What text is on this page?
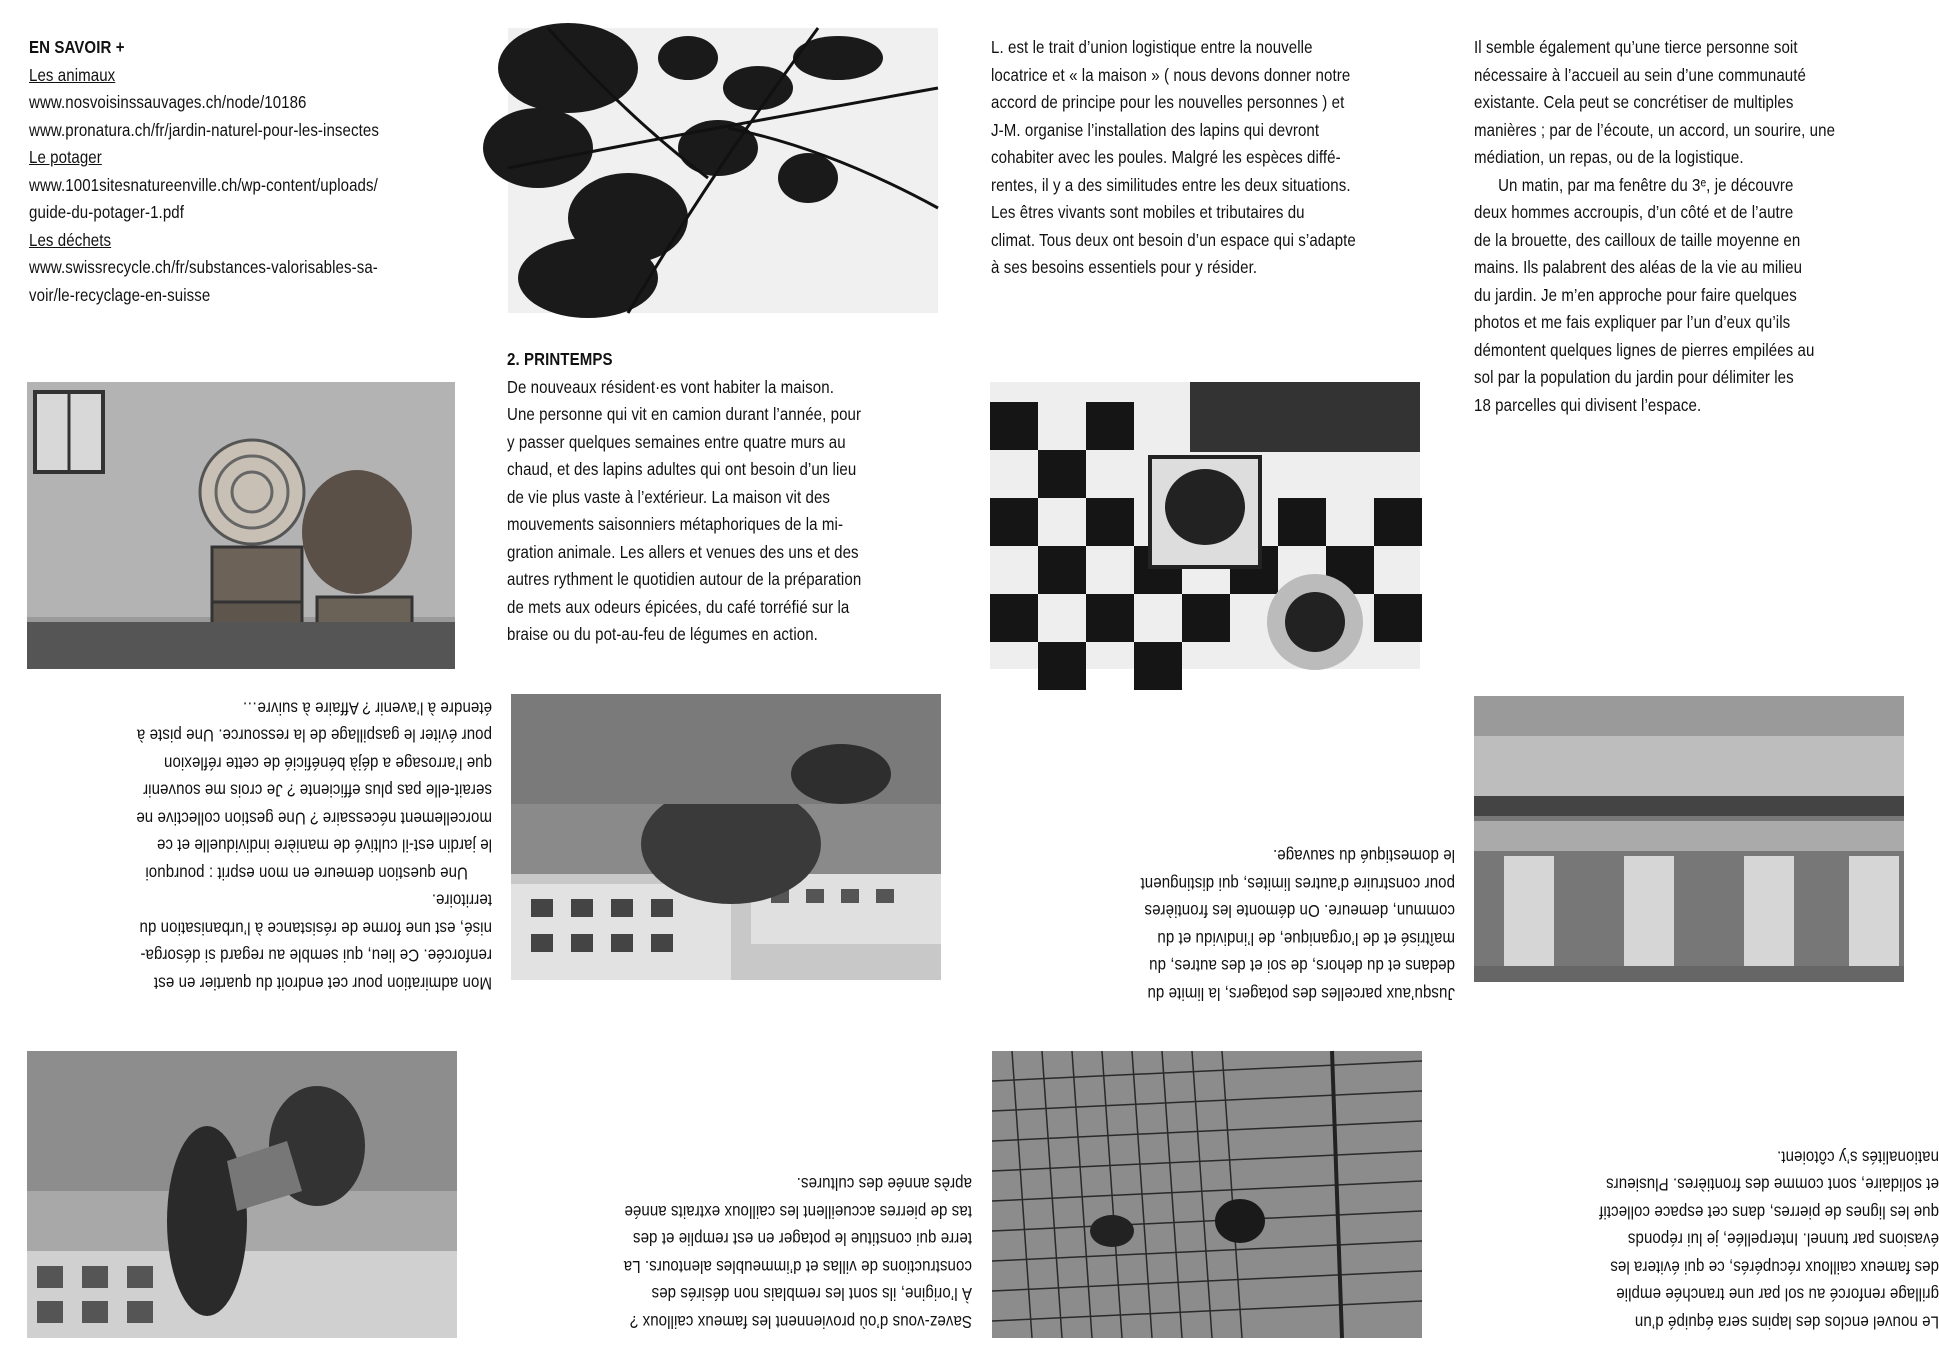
EN SAVOIR +

Les animaux

www.nosvoisinssauvages.ch/node/10186

www.pronatura.ch/fr/jardin-naturel-pour-les-insectes

Le potager

www.1001sitesnatureenville.ch/wp-content/uploads/

guide-du-potager-1.pdf

Les déchets

www.swissrecycle.ch/fr/substances-valorisables-sa-

voir/le-recyclage-en-suisse

2. PRINTEMPS

De nouveaux résident·es vont habiter la maison.

Une personne qui vit en camion durant l’année, pour

y passer quelques semaines entre quatre murs au

chaud, et des lapins adultes qui ont besoin d’un lieu

de vie plus vaste à l’extérieur. La maison vit des

mouvements saisonniers métaphoriques de la mi-

gration animale. Les allers et venues des uns et des

autres rythment le quotidien autour de la préparation

de mets aux odeurs épicées, du café torréfié sur la

braise ou du pot-au-feu de légumes en action.

L. est le trait d’union logistique entre la nouvelle

locatrice et « la maison » ( nous devons donner notre

accord de principe pour les nouvelles personnes ) et

J-M. organise l’installation des lapins qui devront

cohabiter avec les poules. Malgré les espèces diffé-

rentes, il y a des similitudes entre les deux situations.

Les êtres vivants sont mobiles et tributaires du

climat. Tous deux ont besoin d’un espace qui s’adapte

à ses besoins essentiels pour y résider.

Il semble également qu’une tierce personne soit

nécessaire à l’accueil au sein d’une communauté

existante. Cela peut se concrétiser de multiples

manières ; par de l’écoute, un accord, un sourire, une

médiation, un repas, ou de la logistique.

Un matin, par ma fenêtre du 3ᵉ, je découvre

deux hommes accroupis, d’un côté et de l’autre

de la brouette, des cailloux de taille moyenne en

mains. Ils palabrent des aléas de la vie au milieu

du jardin. Je m’en approche pour faire quelques

photos et me fais expliquer par l’un d’eux qu’ils

démontent quelques lignes de pierres empilées au

sol par la population du jardin pour délimiter les

18 parcelles qui divisent l’espace.

Mon admiration pour cet endroit du quartier en est

renforcée. Ce lieu, qui semble au regard si désorga-

nisé, est une forme de résistance à l’urbanisation du

territoire.

Une question demeure en mon esprit : pourquoi

le jardin est-il cultivé de manière individuelle et ce

morcellement nécessaire ? Une gestion collective ne

serait-elle pas plus efficiente ? Je crois me souvenir

que l’arrosage a déjà bénéficié de cette réflexion

pour éviter le gaspillage de la ressource. Une piste à

étendre à l’avenir ? Affaire à suivre…

Jusqu’aux parcelles des potagers, la limite du

dedans et du dehors, de soi et des autres, du

maîtrisé et de l’organique, de l’individu et du

commun, demeure. On démonte les frontières

pour construire d’autres limites, qui distinguent

le domestiqué du sauvage.

Savez-vous d’où proviennent les fameux cailloux ?

À l’origine, ils sont les remblais non désirés des

constructions de villas et d’immeubles alentours. La

terre qui constitue le potager en est remplie et des

tas de pierres accueillent les cailloux extraits année

après année des cultures.

Le nouvel enclos des lapins sera équipé d’un

grillage renforcé au sol par une tranchée emplie

des fameux cailloux récupérés, ce qui évitera les

évasions par tunnel. Interpellée, je lui réponds

que les lignes de pierres, dans cet espace collectif

et solidaire, sont comme des frontières. Plusieurs

nationalités s’y côtoient.
